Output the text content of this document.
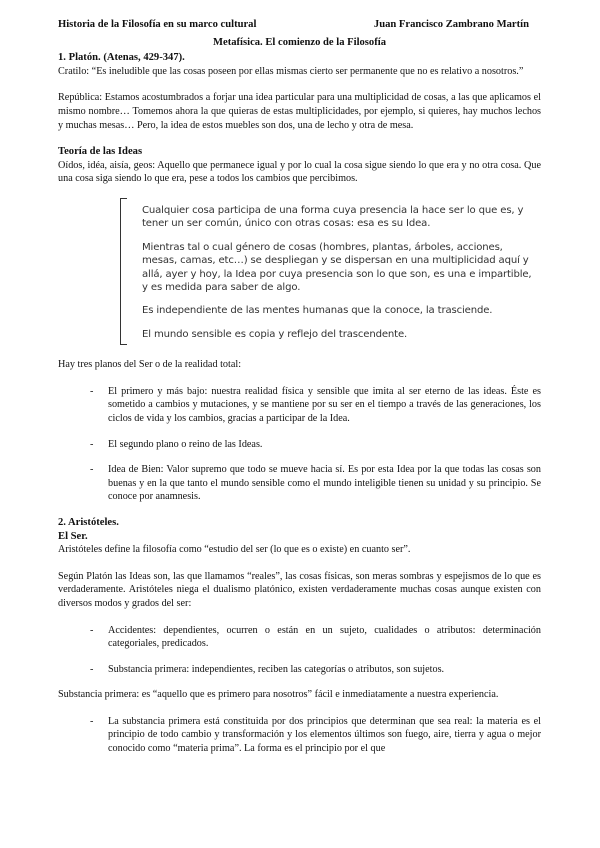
Historia de la Filosofía en su marco cultural	Juan Francisco Zambrano Martín
Metafísica. El comienzo de la Filosofía
1. Platón. (Atenas, 429-347).

Cratilo: “Es ineludible que las cosas poseen por ellas mismas cierto ser permanente que no es relativo a nosotros.”

República: Estamos acostumbrados a forjar una idea particular para una multiplicidad de cosas, a las que aplicamos el mismo nombre… Tomemos ahora la que quieras de estas multiplicidades, por ejemplo, si quieres, hay muchos lechos y muchas mesas… Pero, la idea de estos muebles son dos, una de lecho y otra de mesa.

Teoría de las Ideas

Oídos, idéa, aisía, geos: Aquello que permanece igual y por lo cual la cosa sigue siendo lo que era y no otra cosa. Que una cosa siga siendo lo que era, pese a todos los cambios que percibimos.

Cualquier cosa participa de una forma cuya presencia la hace ser lo que es, y tener un ser común, único con otras cosas: esa es su Idea.

Mientras tal o cual género de cosas (hombres, plantas, árboles, acciones, mesas, camas, etc…) se despliegan y se dispersan en una multiplicidad aquí y allá, ayer y hoy, la Idea por cuya presencia son lo que son, es una e impartible, y es medida para saber de algo.

Es independiente de las mentes humanas que la conoce, la trasciende.

El mundo sensible es copia y reflejo del trascendente.

Hay tres planos del Ser o de la realidad total:

- El primero y más bajo: nuestra realidad física y sensible que imita al ser eterno de las ideas. Éste es sometido a cambios y mutaciones, y se mantiene por su ser en el tiempo a través de las generaciones, los ciclos de vida y los cambios, gracias a participar de la Idea.
- El segundo plano o reino de las Ideas.
- Idea de Bien: Valor supremo que todo se mueve hacia sí. Es por esta Idea por la que todas las cosas son buenas y en la que tanto el mundo sensible como el mundo inteligible tienen su unidad y su principio. Se conoce por anamnesis.
2. Aristóteles.
El Ser.

Aristóteles define la filosofía como “estudio del ser (lo que es o existe) en cuanto ser”.

Según Platón las Ideas son, las que llamamos “reales”, las cosas físicas, son meras sombras y espejismos de lo que es verdaderamente. Aristóteles niega el dualismo platónico, existen verdaderamente muchas cosas aunque existen con diversos modos y grados del ser:

- Accidentes: dependientes, ocurren o están en un sujeto, cualidades o atributos: determinación categoriales, predicados.
- Substancia primera: independientes, reciben las categorías o atributos, son sujetos.

Substancia primera: es “aquello que es primero para nosotros” fácil e inmediatamente a nuestra experiencia.

- La substancia primera está constituida por dos principios que determinan que sea real: la materia es el principio de todo cambio y transformación y los elementos últimos son fuego, aire, tierra y agua o mejor conocido como “materia prima”. La forma es el principio por el que
